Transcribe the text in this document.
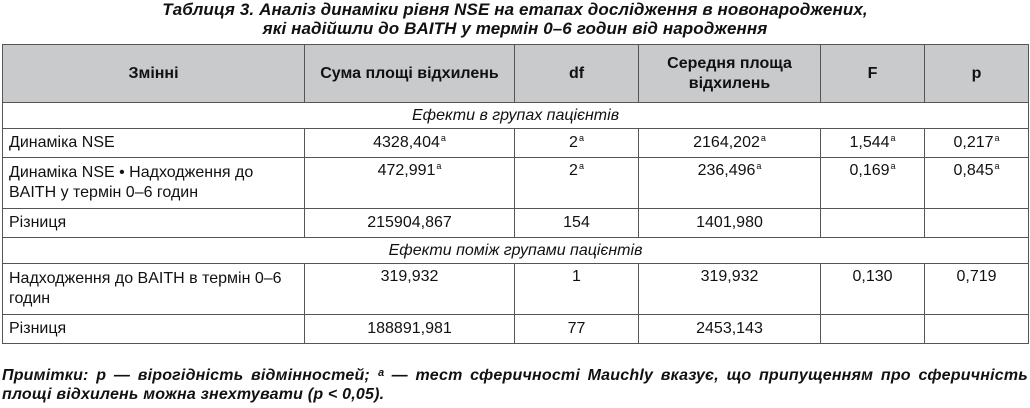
Таблиця 3. Аналіз динаміки рівня NSE на етапах дослідження в новонароджених,
які надійшли до BAITH у термін 0–6 годин від народження
Змінні	Сума площі відхилень	df	Середня площа відхилень	F	p
Ефекти в групах пацієнтів					
Динаміка NSE	4328,404$^a$	2$^a$	2164,202$^a$	1,544$^a$	0,217$^a$
Динаміка NSE • Надходження до BAITH у термін 0–6 годин	472,991$^a$	2$^a$	236,496$^a$	0,169$^a$	0,845$^a$
Різниця	215904,867	154	1401,980		
Ефекти поміж групами пацієнтів					
Надходження до BAITH в термін 0–6 годин	319,932	1	319,932	0,130	0,719
Різниця	188891,981	77	2453,143		
Примітки: p — вірогідність відмінностей; ᵃ — тест сферичності Mauchly вказує, що припущенням про сферичність площі відхилень можна знехтувати (p < 0,05).
